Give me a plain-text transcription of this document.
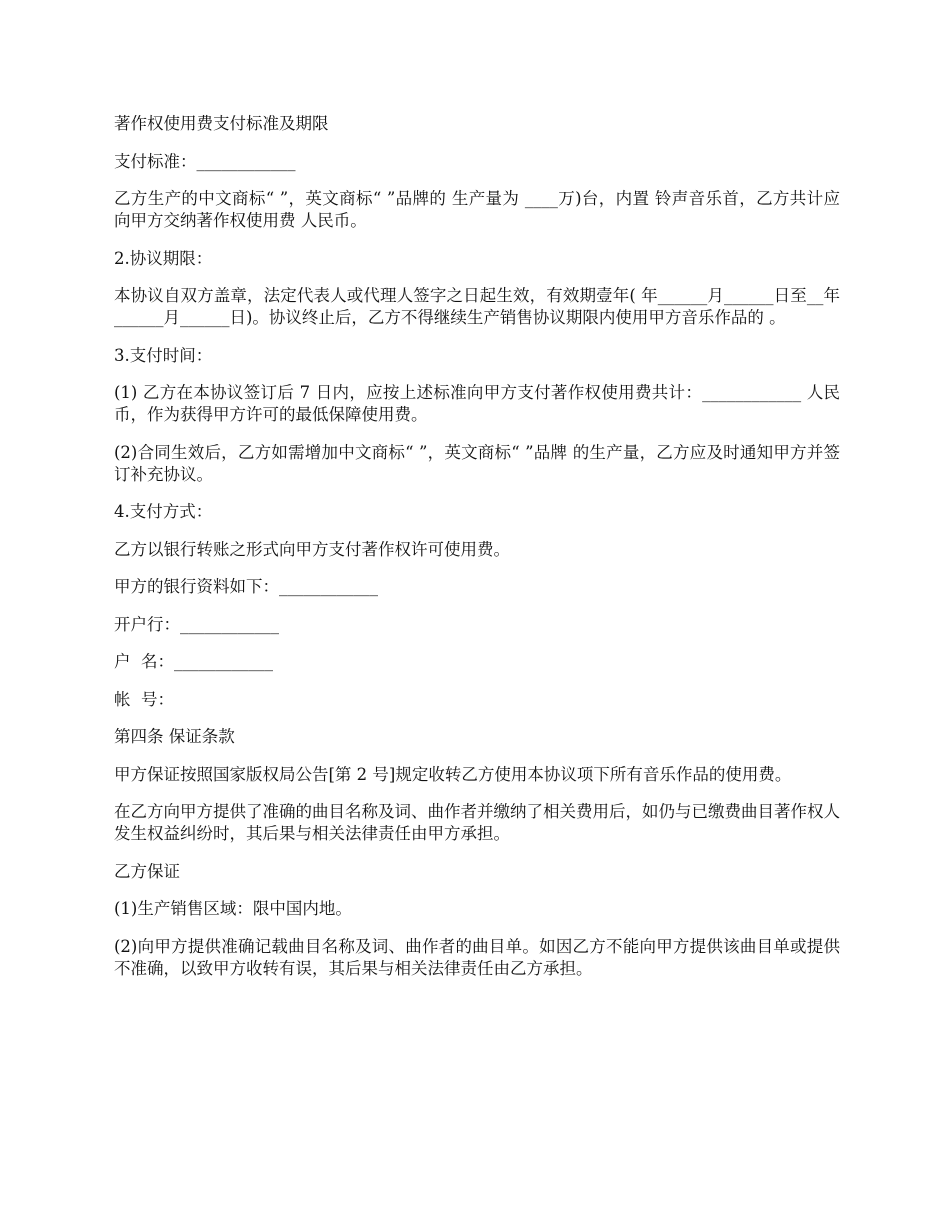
著作权使用费支付标准及期限

支付标准：____________

乙方生产的中文商标“ ”，英文商标“ ”品牌的 生产量为 ____万)台，内置 铃声音乐首，乙方共计应向甲方交纳著作权使用费 人民币。

2.协议期限：

本协议自双方盖章，法定代表人或代理人签字之日起生效，有效期壹年( 年______月______日至__年______月______日)。协议终止后，乙方不得继续生产销售协议期限内使用甲方音乐作品的 。

3.支付时间：

(1) 乙方在本协议签订后 7 日内，应按上述标准向甲方支付著作权使用费共计：____________ 人民币，作为获得甲方许可的最低保障使用费。

(2)合同生效后，乙方如需增加中文商标“ ”，英文商标“ ”品牌 的生产量，乙方应及时通知甲方并签订补充协议。

4.支付方式：

乙方以银行转账之形式向甲方支付著作权许可使用费。

甲方的银行资料如下：____________

开户行：____________

户  名：____________

帐  号：

第四条 保证条款

甲方保证按照国家版权局公告[第 2 号]规定收转乙方使用本协议项下所有音乐作品的使用费。

在乙方向甲方提供了准确的曲目名称及词、曲作者并缴纳了相关费用后，如仍与已缴费曲目著作权人发生权益纠纷时，其后果与相关法律责任由甲方承担。

乙方保证

(1)生产销售区域：限中国内地。

(2)向甲方提供准确记载曲目名称及词、曲作者的曲目单。如因乙方不能向甲方提供该曲目单或提供不准确，以致甲方收转有误，其后果与相关法律责任由乙方承担。
